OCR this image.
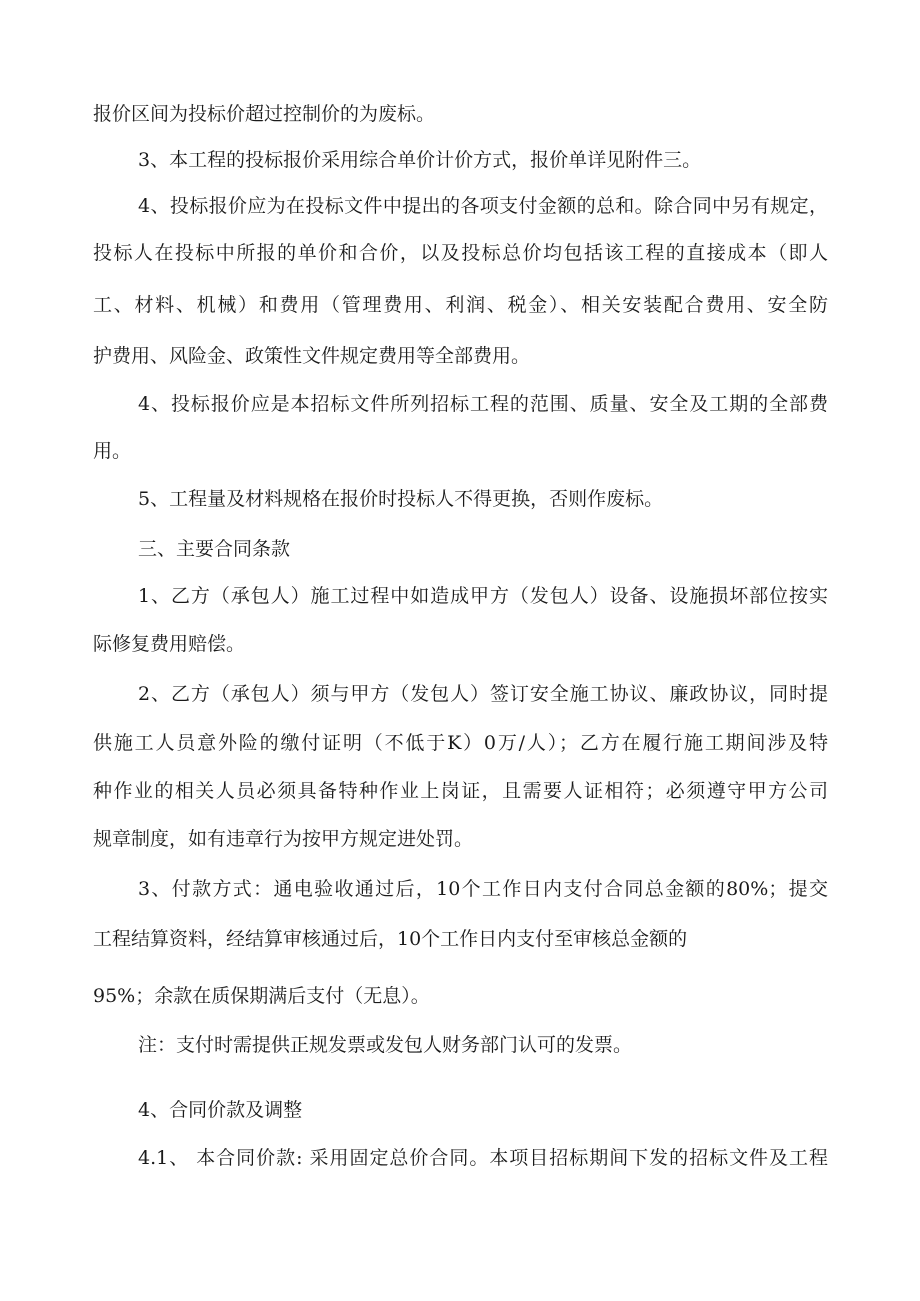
报价区间为投标价超过控制价的为废标。

3、本工程的投标报价采用综合单价计价方式，报价单详见附件三。

4、投标报价应为在投标文件中提出的各项支付金额的总和。除合同中另有规定，

投标人在投标中所报的单价和合价，以及投标总价均包括该工程的直接成本（即人

工、材料、机械）和费用（管理费用、利润、税金）、相关安装配合费用、安全防

护费用、风险金、政策性文件规定费用等全部费用。

4、投标报价应是本招标文件所列招标工程的范围、质量、安全及工期的全部费

用。

5、工程量及材料规格在报价时投标人不得更换，否则作废标。

三、主要合同条款

1、乙方（承包人）施工过程中如造成甲方（发包人）设备、设施损坏部位按实

际修复费用赔偿。

2、乙方（承包人）须与甲方（发包人）签订安全施工协议、廉政协议，同时提

供施工人员意外险的缴付证明（不低于K）0万/人）；乙方在履行施工期间涉及特

种作业的相关人员必须具备特种作业上岗证，且需要人证相符；必须遵守甲方公司

规章制度，如有违章行为按甲方规定进处罚。

3、付款方式：通电验收通过后，10个工作日内支付合同总金额的80%；提交

工程结算资料，经结算审核通过后，10个工作日内支付至审核总金额的

95%；余款在质保期满后支付（无息）。

注：支付时需提供正规发票或发包人财务部门认可的发票。

4、合同价款及调整

4.1、 本合同价款: 采用固定总价合同。本项目招标期间下发的招标文件及工程
